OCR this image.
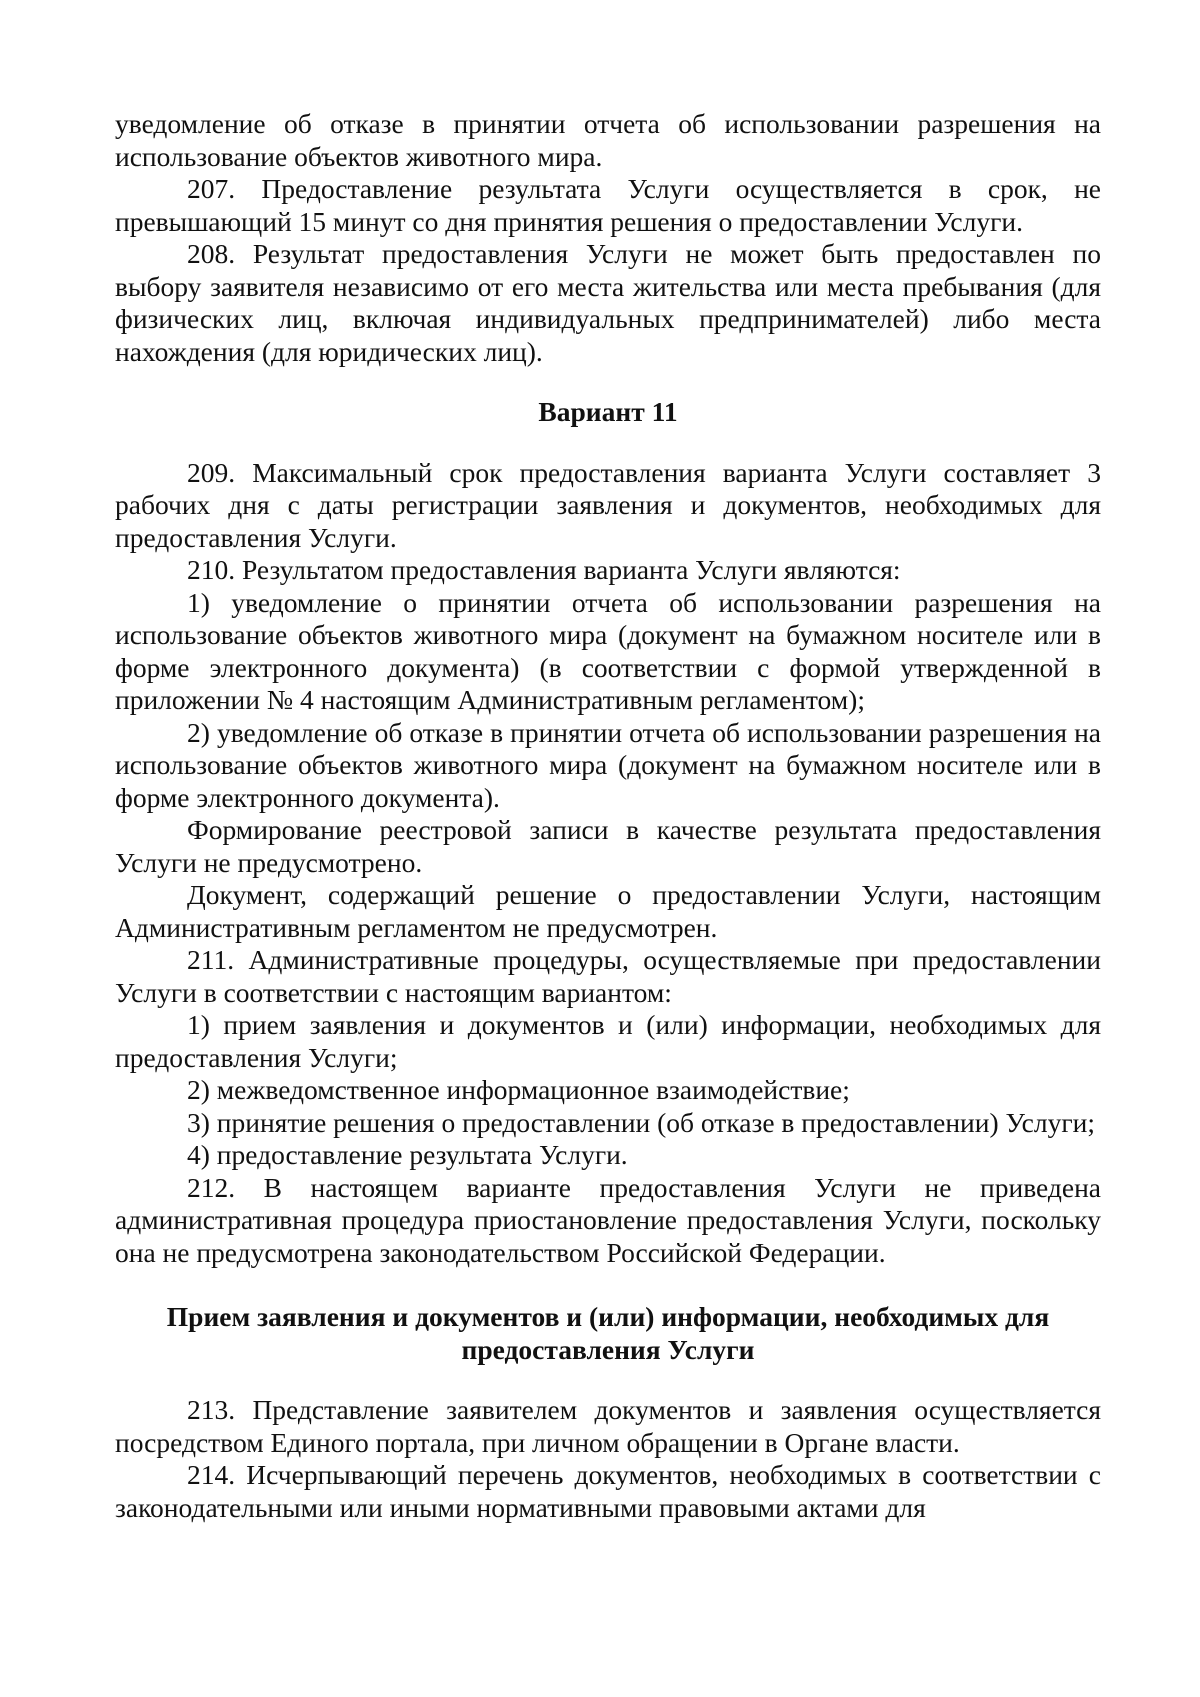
уведомление об отказе в принятии отчета об использовании разрешения на использование объектов животного мира.

207. Предоставление результата Услуги осуществляется в срок, не превышающий 15 минут со дня принятия решения о предоставлении Услуги.

208. Результат предоставления Услуги не может быть предоставлен по выбору заявителя независимо от его места жительства или места пребывания (для физических лиц, включая индивидуальных предпринимателей) либо места нахождения (для юридических лиц).

Вариант 11

209. Максимальный срок предоставления варианта Услуги составляет 3 рабочих дня с даты регистрации заявления и документов, необходимых для предоставления Услуги.

210. Результатом предоставления варианта Услуги являются:

1) уведомление о принятии отчета об использовании разрешения на использование объектов животного мира (документ на бумажном носителе или в форме электронного документа) (в соответствии с формой утвержденной в приложении № 4 настоящим Административным регламентом);

2) уведомление об отказе в принятии отчета об использовании разрешения на использование объектов животного мира (документ на бумажном носителе или в форме электронного документа).

Формирование реестровой записи в качестве результата предоставления Услуги не предусмотрено.

Документ, содержащий решение о предоставлении Услуги, настоящим Административным регламентом не предусмотрен.

211. Административные процедуры, осуществляемые при предоставлении Услуги в соответствии с настоящим вариантом:

1) прием заявления и документов и (или) информации, необходимых для предоставления Услуги;

2) межведомственное информационное взаимодействие;

3) принятие решения о предоставлении (об отказе в предоставлении) Услуги;

4) предоставление результата Услуги.

212. В настоящем варианте предоставления Услуги не приведена административная процедура приостановление предоставления Услуги, поскольку она не предусмотрена законодательством Российской Федерации.

Прием заявления и документов и (или) информации, необходимых для

предоставления Услуги

213. Представление заявителем документов и заявления осуществляется посредством Единого портала, при личном обращении в Органе власти.

214. Исчерпывающий перечень документов, необходимых в соответствии с законодательными или иными нормативными правовыми актами для
